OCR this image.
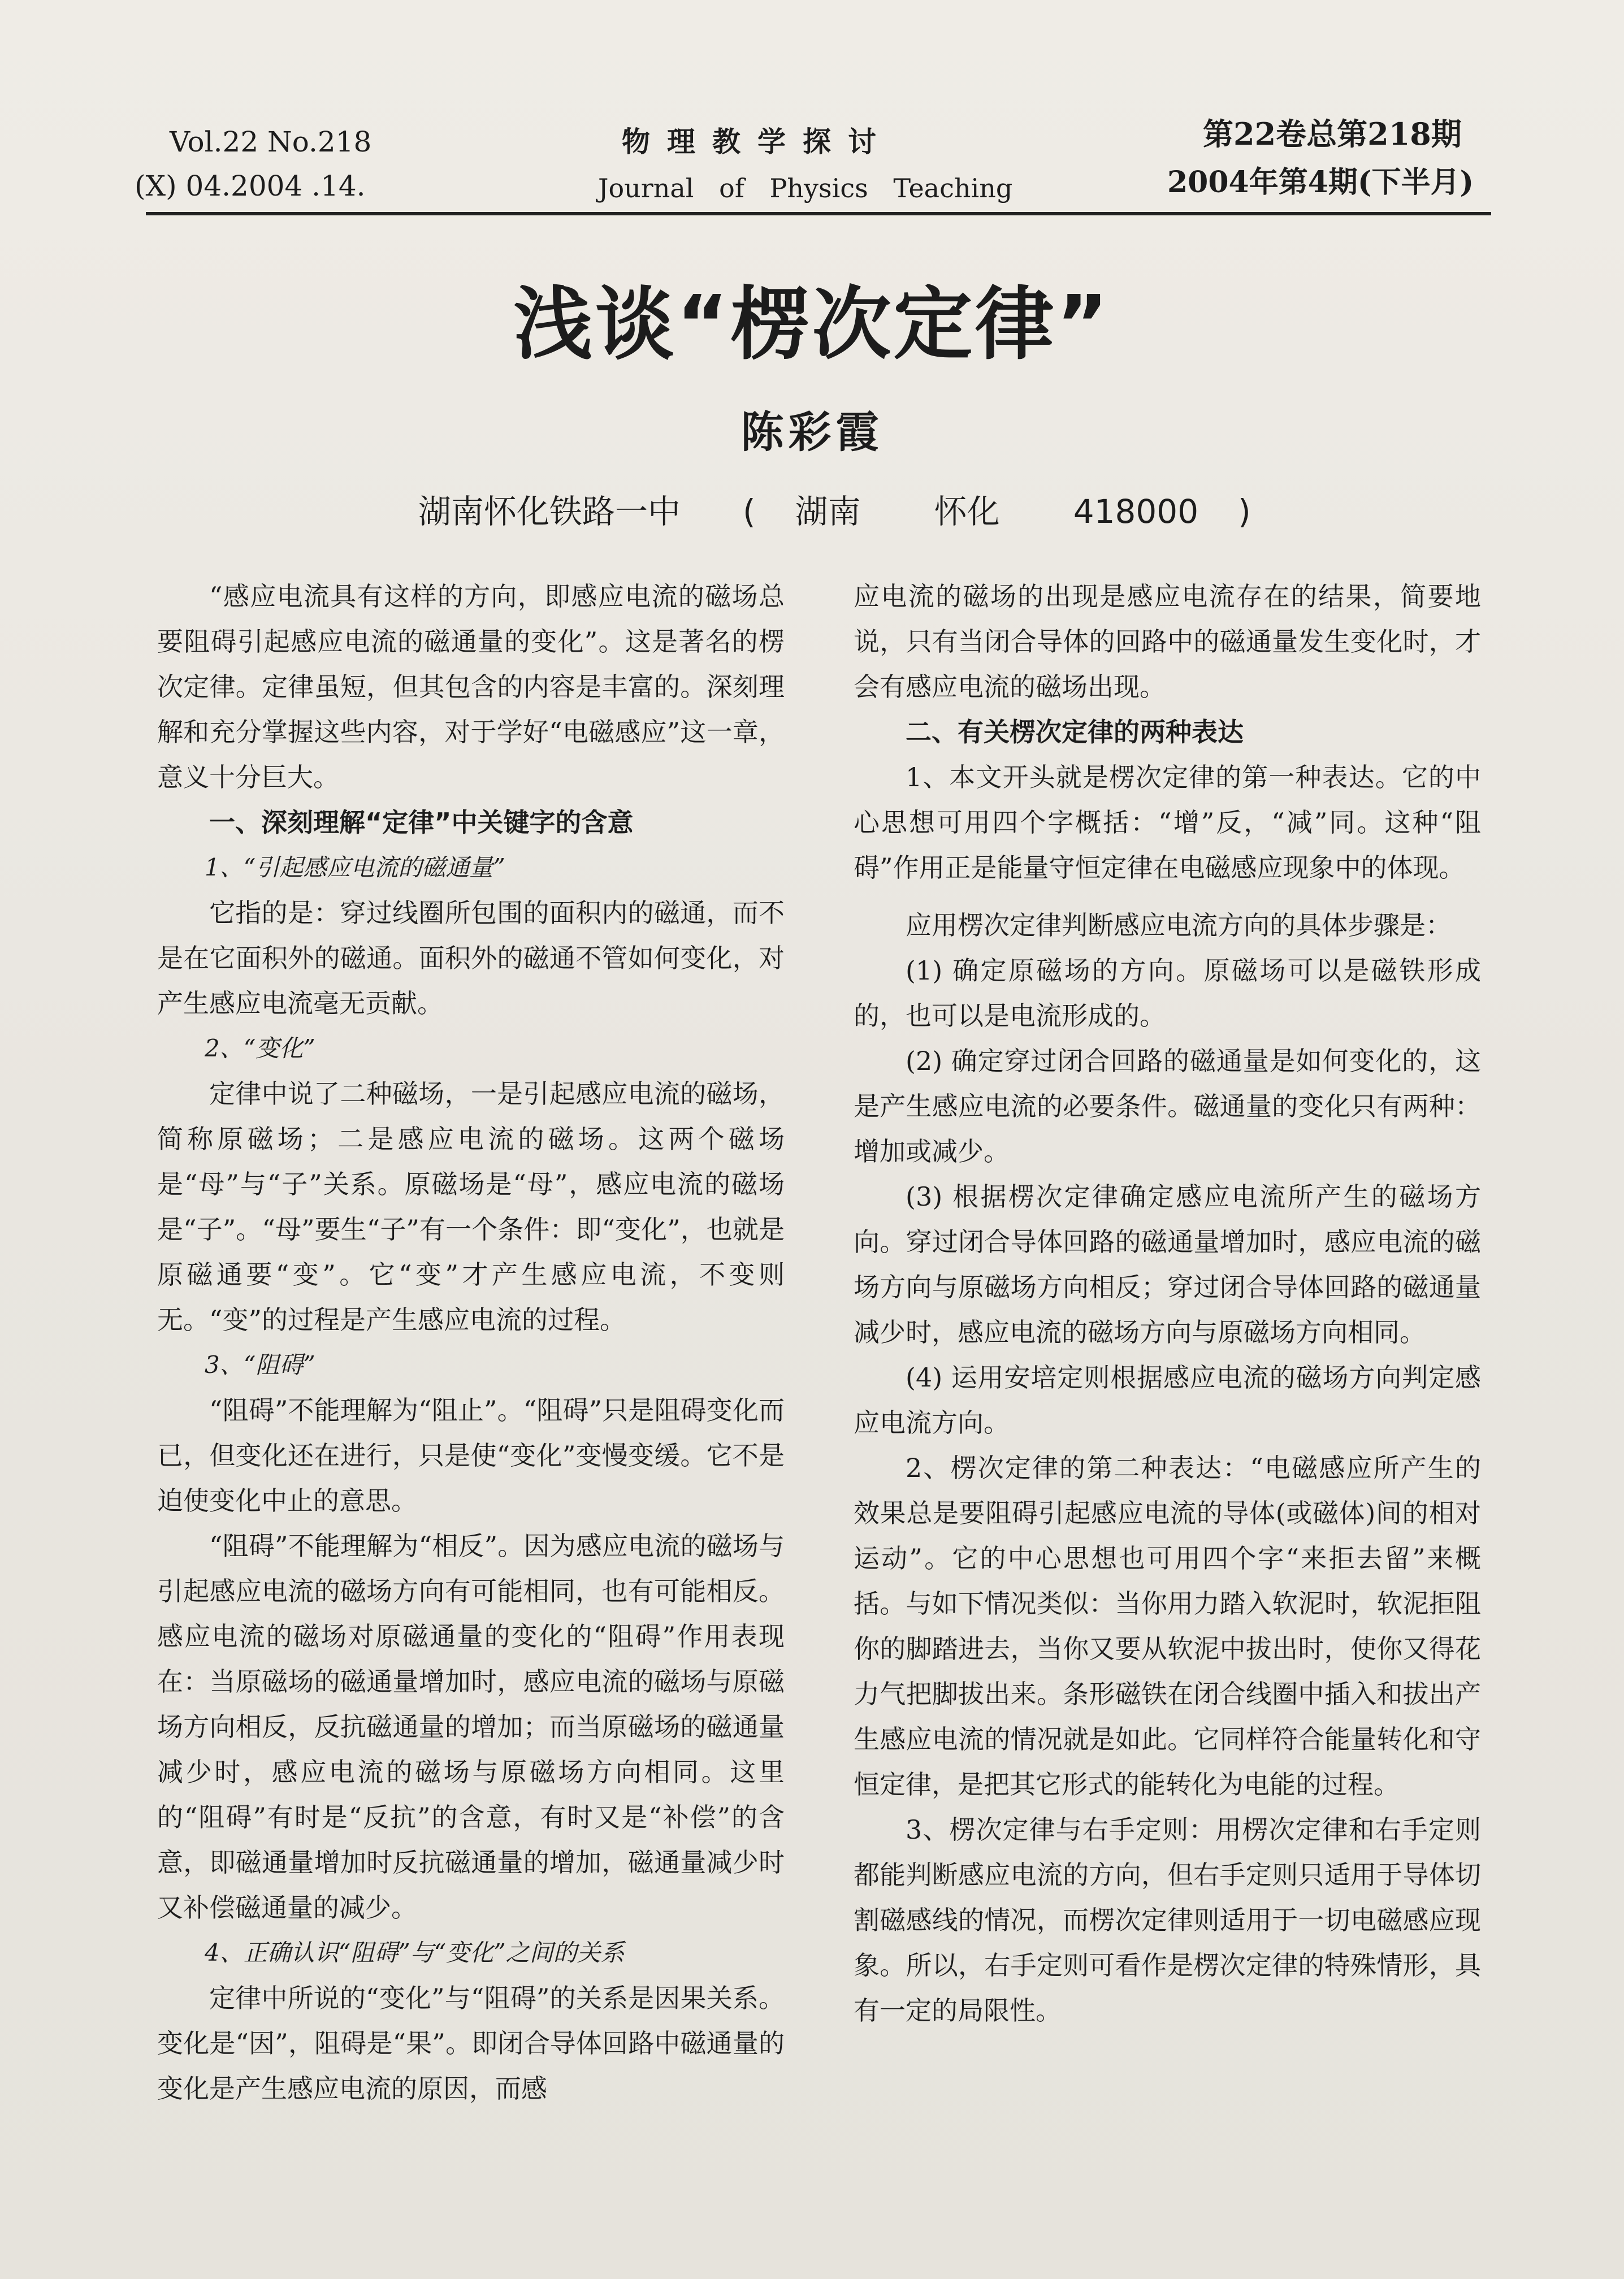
Vol.22 No.218
(X) 04.2004 .14.
物理教学探讨
Journal of Physics Teaching
第22卷总第218期
2004年第4期(下半月)
浅谈“楞次定律”
陈彩霞
湖南怀化铁路一中 ( 湖南 怀化 418000 )

“感应电流具有这样的方向，即感应电流的磁场总要阻碍引起感应电流的磁通量的变化”。这是著名的楞次定律。定律虽短，但其包含的内容是丰富的。深刻理解和充分掌握这些内容，对于学好“电磁感应”这一章，意义十分巨大。

一、深刻理解“定律”中关键字的含意
1、“引起感应电流的磁通量”

它指的是：穿过线圈所包围的面积内的磁通，而不是在它面积外的磁通。面积外的磁通不管如何变化，对产生感应电流毫无贡献。

2、“变化”

定律中说了二种磁场，一是引起感应电流的磁场，简称原磁场；二是感应电流的磁场。这两个磁场是“母”与“子”关系。原磁场是“母”，感应电流的磁场是“子”。“母”要生“子”有一个条件：即“变化”，也就是原磁通要“变”。它“变”才产生感应电流，不变则无。“变”的过程是产生感应电流的过程。

3、“阻碍”

“阻碍”不能理解为“阻止”。“阻碍”只是阻碍变化而已，但变化还在进行，只是使“变化”变慢变缓。它不是迫使变化中止的意思。

“阻碍”不能理解为“相反”。因为感应电流的磁场与引起感应电流的磁场方向有可能相同，也有可能相反。感应电流的磁场对原磁通量的变化的“阻碍”作用表现在：当原磁场的磁通量增加时，感应电流的磁场与原磁场方向相反，反抗磁通量的增加；而当原磁场的磁通量减少时，感应电流的磁场与原磁场方向相同。这里的“阻碍”有时是“反抗”的含意，有时又是“补偿”的含意，即磁通量增加时反抗磁通量的增加，磁通量减少时又补偿磁通量的减少。

4、正确认识“阻碍”与“变化”之间的关系

定律中所说的“变化”与“阻碍”的关系是因果关系。变化是“因”，阻碍是“果”。即闭合导体回路中磁通量的变化是产生感应电流的原因，而感

应电流的磁场的出现是感应电流存在的结果，简要地说，只有当闭合导体的回路中的磁通量发生变化时，才会有感应电流的磁场出现。

二、有关楞次定律的两种表达

1、本文开头就是楞次定律的第一种表达。它的中心思想可用四个字概括：“增”反，“减”同。这种“阻碍”作用正是能量守恒定律在电磁感应现象中的体现。

应用楞次定律判断感应电流方向的具体步骤是：

(1) 确定原磁场的方向。原磁场可以是磁铁形成的，也可以是电流形成的。

(2) 确定穿过闭合回路的磁通量是如何变化的，这是产生感应电流的必要条件。磁通量的变化只有两种：增加或减少。

(3) 根据楞次定律确定感应电流所产生的磁场方向。穿过闭合导体回路的磁通量增加时，感应电流的磁场方向与原磁场方向相反；穿过闭合导体回路的磁通量减少时，感应电流的磁场方向与原磁场方向相同。

(4) 运用安培定则根据感应电流的磁场方向判定感应电流方向。

2、楞次定律的第二种表达：“电磁感应所产生的效果总是要阻碍引起感应电流的导体(或磁体)间的相对运动”。它的中心思想也可用四个字“来拒去留”来概括。与如下情况类似：当你用力踏入软泥时，软泥拒阻你的脚踏进去，当你又要从软泥中拔出时，使你又得花力气把脚拔出来。条形磁铁在闭合线圈中插入和拔出产生感应电流的情况就是如此。它同样符合能量转化和守恒定律，是把其它形式的能转化为电能的过程。

3、楞次定律与右手定则：用楞次定律和右手定则都能判断感应电流的方向，但右手定则只适用于导体切割磁感线的情况，而楞次定律则适用于一切电磁感应现象。所以，右手定则可看作是楞次定律的特殊情形，具有一定的局限性。
